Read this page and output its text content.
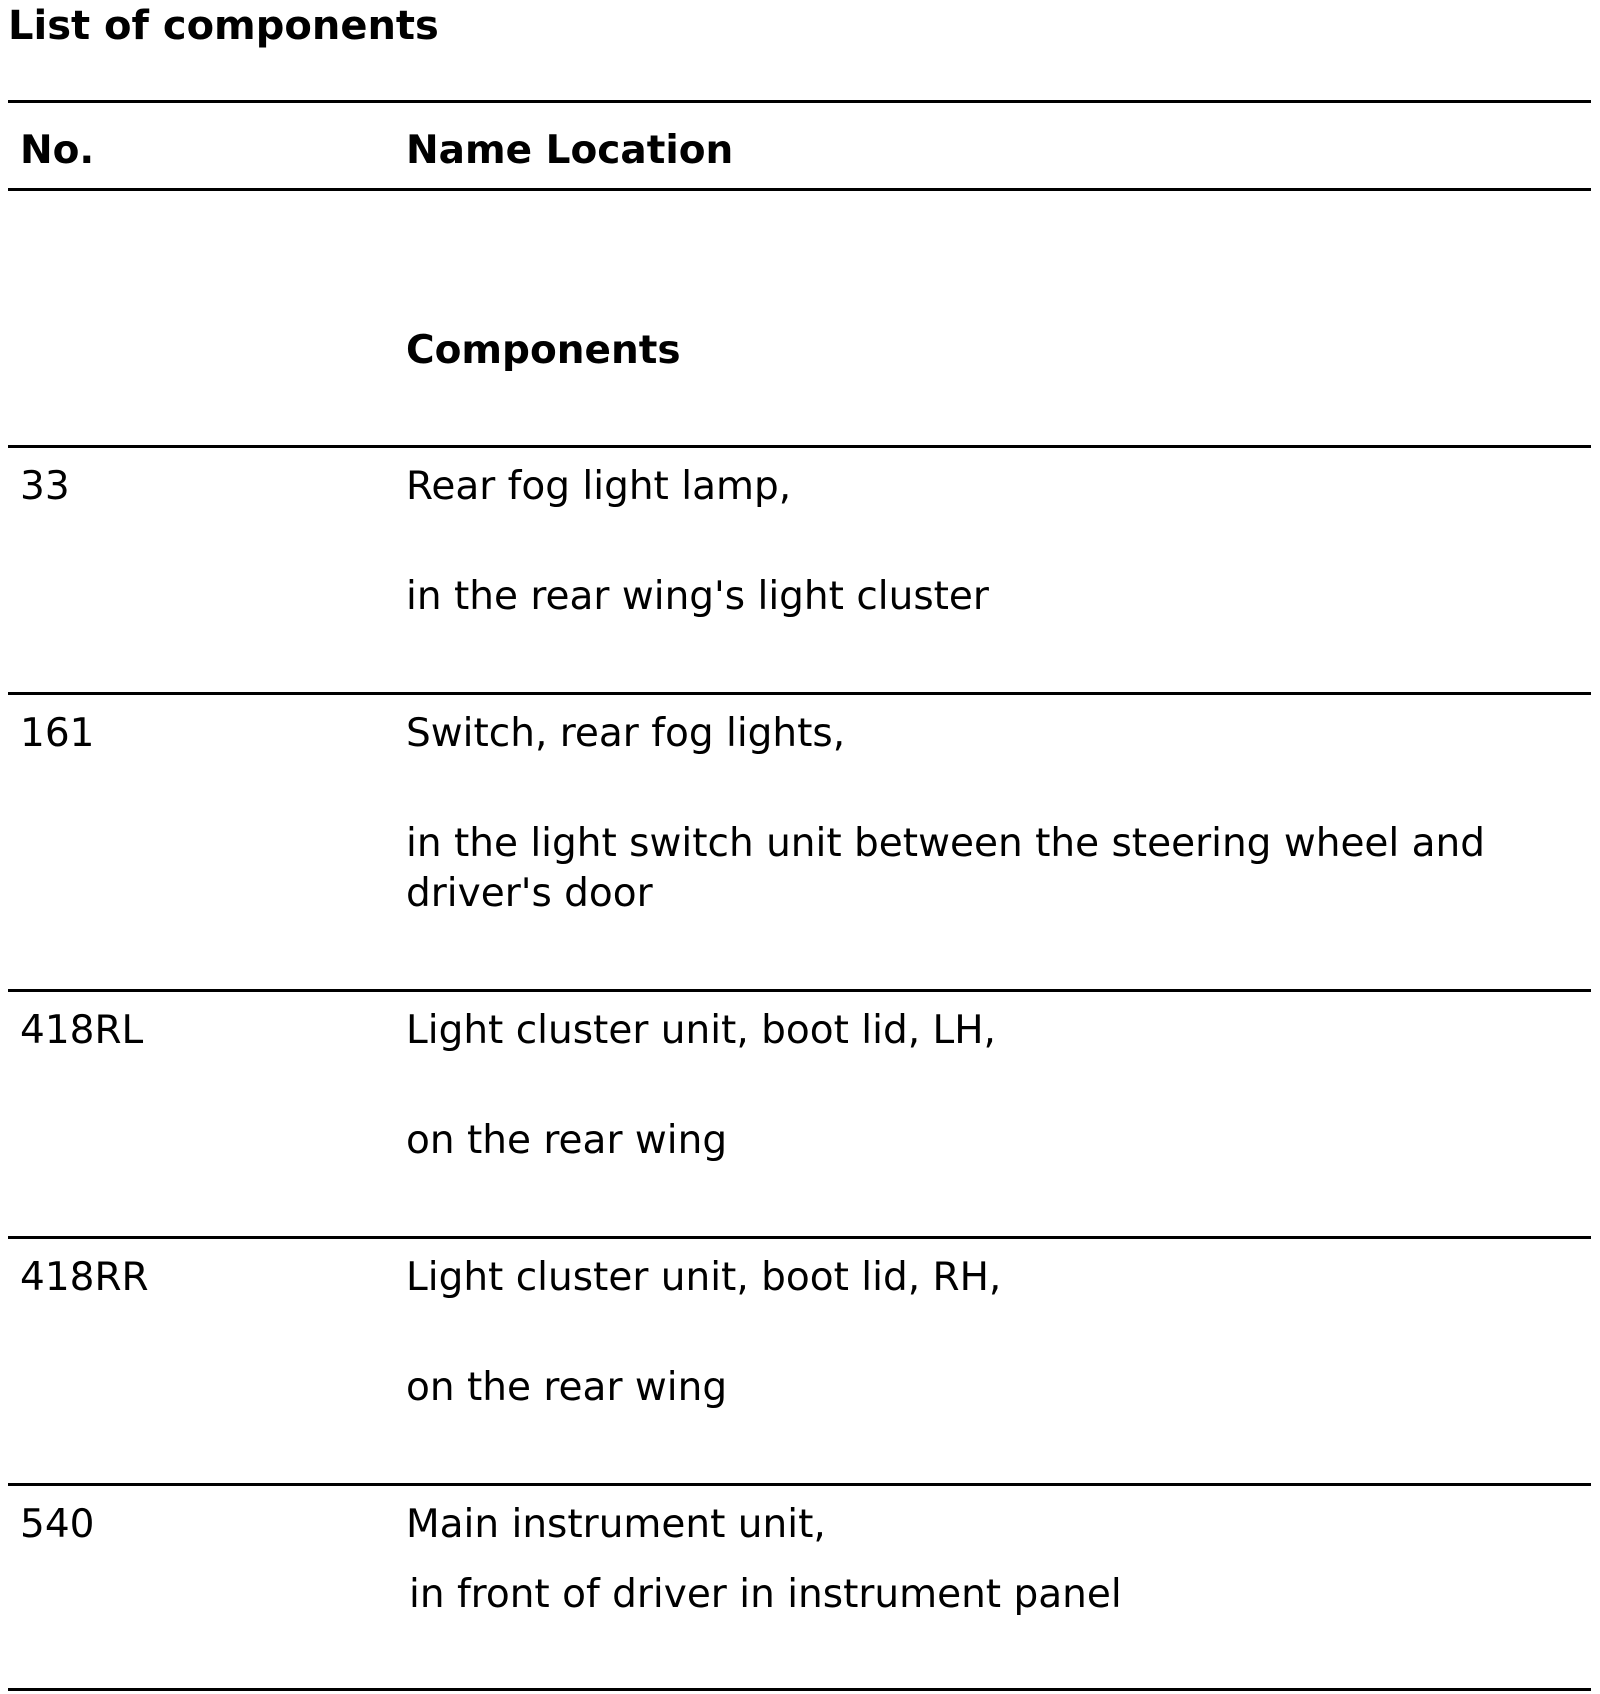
List of components
No.	Name Location
Components
33	Rear fog light lamp,
in the rear wing's light cluster
161	Switch, rear fog lights,
in the light switch unit between the steering wheel and driver's door
418RL	Light cluster unit, boot lid, LH,
on the rear wing
418RR	Light cluster unit, boot lid, RH,
on the rear wing
540	Main instrument unit,
in front of driver in instrument panel
